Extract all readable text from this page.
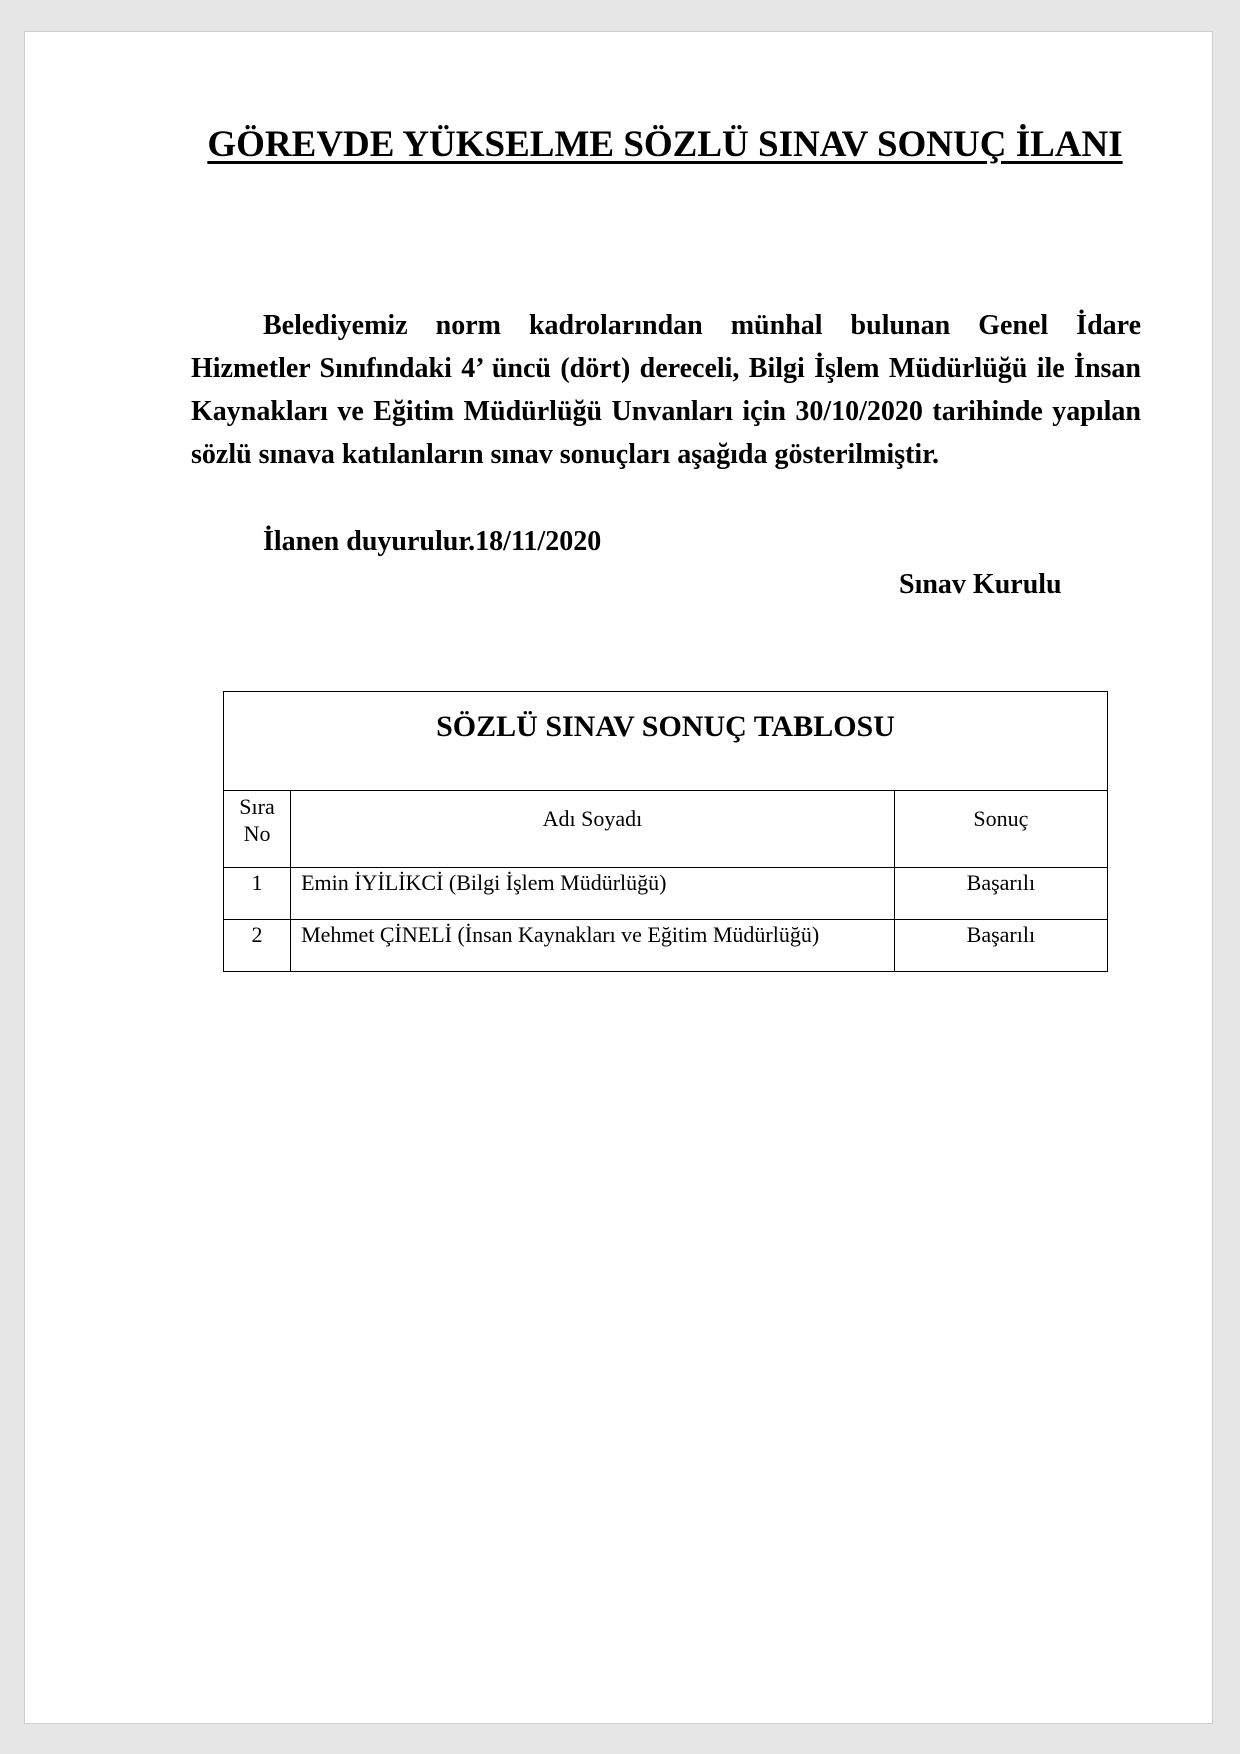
GÖREVDE YÜKSELME SÖZLÜ SINAV SONUÇ İLANI

Belediyemiz norm kadrolarından münhal bulunan Genel İdare Hizmetler Sınıfındaki 4’ üncü (dört) dereceli, Bilgi İşlem Müdürlüğü ile İnsan Kaynakları ve Eğitim Müdürlüğü Unvanları için 30/10/2020 tarihinde yapılan sözlü sınava katılanların sınav sonuçları aşağıda gösterilmiştir.

İlanen duyurulur.18/11/2020

Sınav Kurulu

SÖZLÜ SINAV SONUÇ TABLOSU		
Sıra
No	Adı Soyadı	Sonuç
1	Emin İYİLİKCİ (Bilgi İşlem Müdürlüğü)	Başarılı
2	Mehmet ÇİNELİ (İnsan Kaynakları ve Eğitim Müdürlüğü)	Başarılı
